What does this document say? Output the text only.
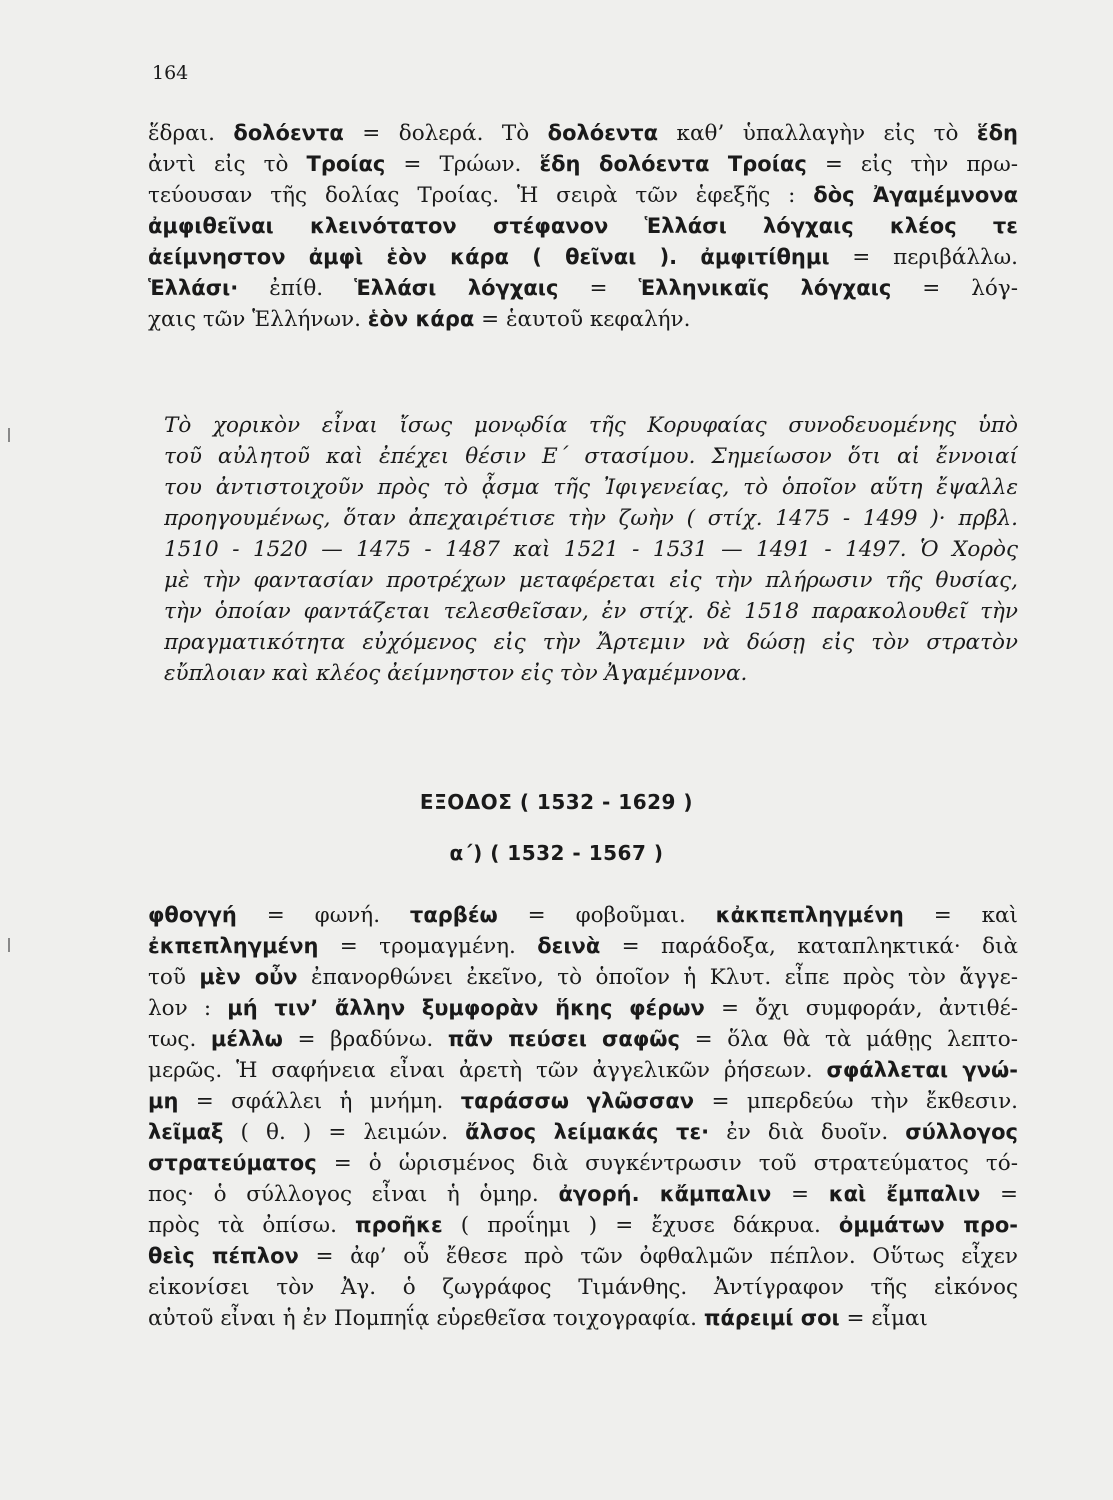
164
ἕδραι. δολόεντα = δολερά. Τὸ δολόεντα καθ’ ὑπαλλαγὴν εἰς τὸ ἕδη
ἀντὶ εἰς τὸ Τροίας = Τρώων. ἕδη δολόεντα Τροίας = εἰς τὴν πρω-
τεύουσαν τῆς δολίας Τροίας. Ἡ σειρὰ τῶν ἑφεξῆς : δὸς Ἀγαμέμνονα
ἀμφιθεῖναι κλεινότατον στέφανον Ἑλλάσι λόγχαις κλέος τε
ἀείμνηστον ἀμφὶ ἑὸν κάρα ( θεῖναι ). ἀμφιτίθημι = περιβάλλω.
Ἑλλάσι· ἐπίθ. Ἑλλάσι λόγχαις = Ἑλληνικαῖς λόγχαις = λόγ-
χαις τῶν Ἑλλήνων. ἑὸν κάρα = ἑαυτοῦ κεφαλήν.
Τὸ χορικὸν εἶναι ἴσως μονῳδία τῆς Κορυφαίας συνοδευομένης ὑπὸ
τοῦ αὐλητοῦ καὶ ἐπέχει θέσιν Ε΄ στασίμου. Σημείωσον ὅτι αἱ ἔννοιαί
του ἀντιστοιχοῦν πρὸς τὸ ᾆσμα τῆς Ἰφιγενείας, τὸ ὁποῖον αὕτη ἔψαλλε
προηγουμένως, ὅταν ἀπεχαιρέτισε τὴν ζωὴν ( στίχ. 1475 - 1499 )· πρβλ.
1510 - 1520 — 1475 - 1487 καὶ 1521 - 1531 — 1491 - 1497. Ὁ Χορὸς
μὲ τὴν φαντασίαν προτρέχων μεταφέρεται εἰς τὴν πλήρωσιν τῆς θυσίας,
τὴν ὁποίαν φαντάζεται τελεσθεῖσαν, ἐν στίχ. δὲ 1518 παρακολουθεῖ τὴν
πραγματικότητα εὐχόμενος εἰς τὴν Ἄρτεμιν νὰ δώσῃ εἰς τὸν στρατὸν
εὔπλοιαν καὶ κλέος ἀείμνηστον εἰς τὸν Ἀγαμέμνονα.
ΕΞΟΔΟΣ ( 1532 - 1629 )
α΄) ( 1532 - 1567 )
φθογγή = φωνή. ταρβέω = φοβοῦμαι. κἀκπεπληγμένη = καὶ
ἐκπεπληγμένη = τρομαγμένη. δεινὰ = παράδοξα, καταπληκτικά· διὰ
τοῦ μὲν οὖν ἐπανορθώνει ἐκεῖνο, τὸ ὁποῖον ἡ Κλυτ. εἶπε πρὸς τὸν ἄγγε-
λον : μή τιν’ ἄλλην ξυμφορὰν ἥκης φέρων = ὄχι συμφοράν, ἀντιθέ-
τως. μέλλω = βραδύνω. πᾶν πεύσει σαφῶς = ὅλα θὰ τὰ μάθῃς λεπτο-
μερῶς. Ἡ σαφήνεια εἶναι ἀρετὴ τῶν ἀγγελικῶν ῥήσεων. σφάλλεται γνώ-
μη = σφάλλει ἡ μνήμη. ταράσσω γλῶσσαν = μπερδεύω τὴν ἔκθεσιν.
λεῖμαξ ( θ. ) = λειμών. ἄλσος λείμακάς τε· ἐν διὰ δυοῖν. σύλλογος
στρατεύματος = ὁ ὡρισμένος διὰ συγκέντρωσιν τοῦ στρατεύματος τό-
πος· ὁ σύλλογος εἶναι ἡ ὁμηρ. ἀγορή. κἄμπαλιν = καὶ ἔμπαλιν =
πρὸς τὰ ὀπίσω. προῆκε ( προΐημι ) = ἔχυσε δάκρυα. ὀμμάτων προ-
θεὶς πέπλον = ἀφ’ οὗ ἔθεσε πρὸ τῶν ὀφθαλμῶν πέπλον. Οὕτως εἶχεν
εἰκονίσει τὸν Ἀγ. ὁ ζωγράφος Τιμάνθης. Ἀντίγραφον τῆς εἰκόνος
αὐτοῦ εἶναι ἡ ἐν Πομπηΐᾳ εὑρεθεῖσα τοιχογραφία. πάρειμί σοι = εἶμαι
